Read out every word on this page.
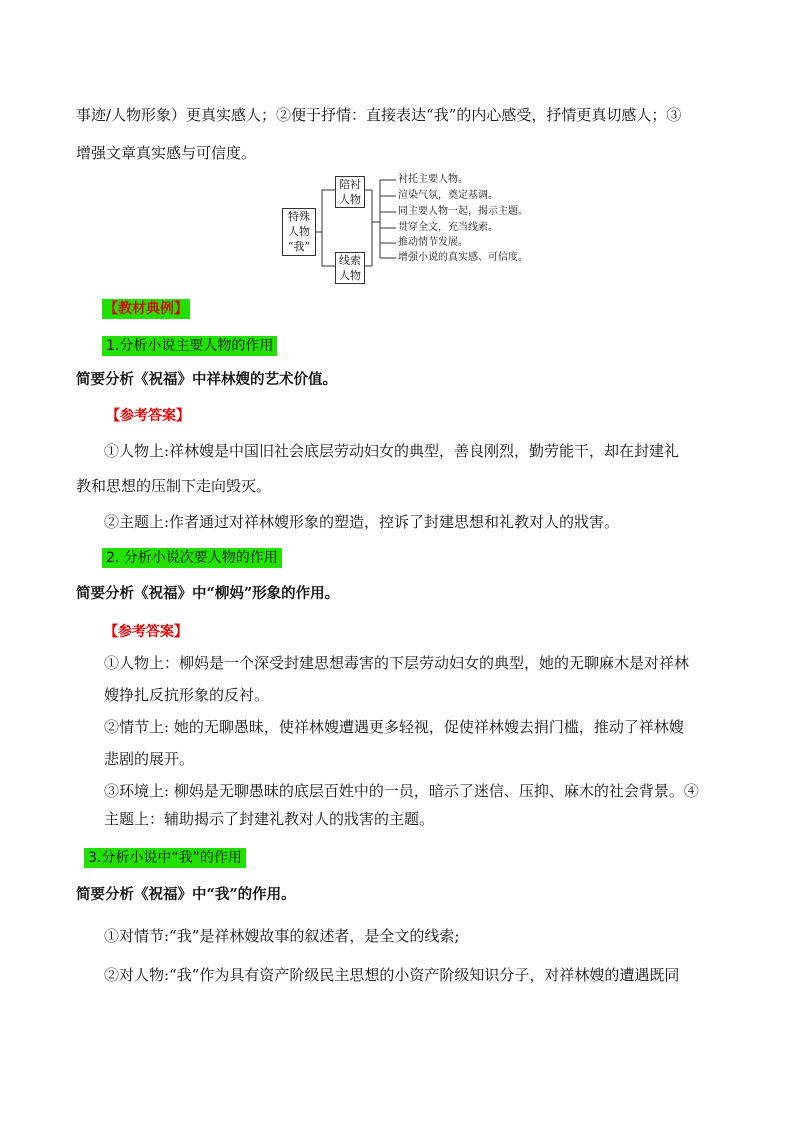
事迹/人物形象）更真实感人；②便于抒情：直接表达“我”的内心感受，抒情更真切感人；③
增强文章真实感与可信度。
特殊
人物
“我”
陪衬
人物
线索
人物
衬托主要人物。
渲染气氛，奠定基调。
同主要人物一起，揭示主题。
贯穿全文，充当线索。
推动情节发展。
增强小说的真实感、可信度。
【教材典例】
1.分析小说主要人物的作用
简要分析《祝福》中祥林嫂的艺术价值。
【参考答案】
①人物上:祥林嫂是中国旧社会底层劳动妇女的典型，善良刚烈，勤劳能干，却在封建礼
教和思想的压制下走向毁灭。
②主题上:作者通过对祥林嫂形象的塑造，控诉了封建思想和礼教对人的戕害。
2. 分析小说次要人物的作用
简要分析《祝福》中“柳妈”形象的作用。
【参考答案】
①人物上：柳妈是一个深受封建思想毒害的下层劳动妇女的典型，她的无聊麻木是对祥林
嫂挣扎反抗形象的反衬。
②情节上: 她的无聊愚昧，使祥林嫂遭遇更多轻视，促使祥林嫂去捐门槛，推动了祥林嫂
悲剧的展开。
③环境上: 柳妈是无聊愚昧的底层百姓中的一员，暗示了迷信、压抑、麻木的社会背景。④
主题上：辅助揭示了封建礼教对人的戕害的主题。
3.分析小说中“我”的作用
简要分析《祝福》中“我”的作用。
①对情节:“我”是祥林嫂故事的叙述者，是全文的线索;
②对人物:“我”作为具有资产阶级民主思想的小资产阶级知识分子，对祥林嫂的遭遇既同
